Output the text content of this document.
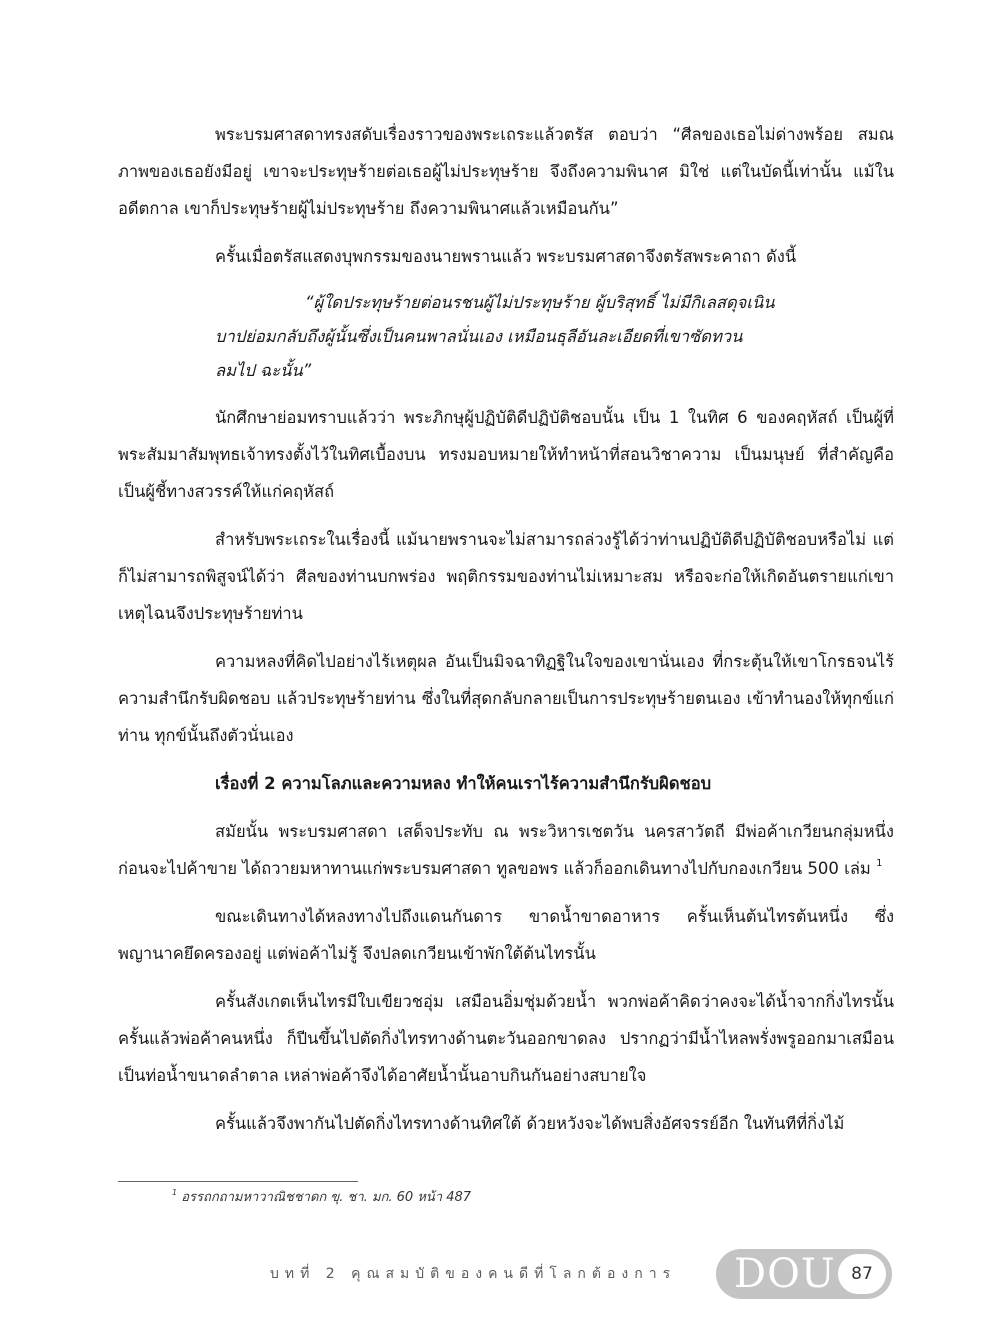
พระบรมศาสดาทรงสดับเรื่องราวของพระเถระแล้วตรัส ตอบว่า “ศีลของเธอไม่ด่างพร้อย สมณภาพของเธอยังมีอยู่ เขาจะประทุษร้ายต่อเธอผู้ไม่ประทุษร้าย จึงถึงความพินาศ มิใช่ แต่ในบัดนี้เท่านั้น แม้ในอดีตกาล เขาก็ประทุษร้ายผู้ไม่ประทุษร้าย ถึงความพินาศแล้วเหมือนกัน”

ครั้นเมื่อตรัสแสดงบุพกรรมของนายพรานแล้ว พระบรมศาสดาจึงตรัสพระคาถา ดังนี้

“ผู้ใดประทุษร้ายต่อนรชนผู้ไม่ประทุษร้าย ผู้บริสุทธิ์ ไม่มีกิเลสดุจเนิน
บาปย่อมกลับถึงผู้นั้นซึ่งเป็นคนพาลนั่นเอง เหมือนธุลีอันละเอียดที่เขาซัดทวน
ลมไป ฉะนั้น”

นักศึกษาย่อมทราบแล้วว่า พระภิกษุผู้ปฏิบัติดีปฏิบัติชอบนั้น เป็น 1 ในทิศ 6 ของคฤหัสถ์ เป็นผู้ที่พระสัมมาสัมพุทธเจ้าทรงตั้งไว้ในทิศเบื้องบน ทรงมอบหมายให้ทำหน้าที่สอนวิชาความ เป็นมนุษย์ ที่สำคัญคือเป็นผู้ชี้ทางสวรรค์ให้แก่คฤหัสถ์

สำหรับพระเถระในเรื่องนี้ แม้นายพรานจะไม่สามารถล่วงรู้ได้ว่าท่านปฏิบัติดีปฏิบัติชอบหรือไม่ แต่ก็ไม่สามารถพิสูจน์ได้ว่า ศีลของท่านบกพร่อง พฤติกรรมของท่านไม่เหมาะสม หรือจะก่อให้เกิดอันตรายแก่เขา เหตุไฉนจึงประทุษร้ายท่าน

ความหลงที่คิดไปอย่างไร้เหตุผล อันเป็นมิจฉาทิฏฐิในใจของเขานั่นเอง ที่กระตุ้นให้เขาโกรธจนไร้ความสำนึกรับผิดชอบ แล้วประทุษร้ายท่าน ซึ่งในที่สุดกลับกลายเป็นการประทุษร้ายตนเอง เข้าทำนองให้ทุกข์แก่ท่าน ทุกข์นั้นถึงตัวนั่นเอง

เรื่องที่ 2 ความโลภและความหลง ทำให้คนเราไร้ความสำนึกรับผิดชอบ

สมัยนั้น พระบรมศาสดา เสด็จประทับ ณ พระวิหารเชตวัน นครสาวัตถี มีพ่อค้าเกวียนกลุ่มหนึ่ง ก่อนจะไปค้าขาย ได้ถวายมหาทานแก่พระบรมศาสดา ทูลขอพร แล้วก็ออกเดินทางไปกับกองเกวียน 500 เล่ม $^1$

ขณะเดินทางได้หลงทางไปถึงแดนกันดาร ขาดน้ำขาดอาหาร ครั้นเห็นต้นไทรต้นหนึ่ง ซึ่งพญานาคยึดครองอยู่ แต่พ่อค้าไม่รู้ จึงปลดเกวียนเข้าพักใต้ต้นไทรนั้น

ครั้นสังเกตเห็นไทรมีใบเขียวชอุ่ม เสมือนอิ่มชุ่มด้วยน้ำ พวกพ่อค้าคิดว่าคงจะได้น้ำจากกิ่งไทรนั้น ครั้นแล้วพ่อค้าคนหนึ่ง ก็ปีนขึ้นไปตัดกิ่งไทรทางด้านตะวันออกขาดลง ปรากฏว่ามีน้ำไหลพรั่งพรูออกมาเสมือนเป็นท่อน้ำขนาดลำตาล เหล่าพ่อค้าจึงได้อาศัยน้ำนั้นอาบกินกันอย่างสบายใจ

ครั้นแล้วจึงพากันไปตัดกิ่งไทรทางด้านทิศใต้ ด้วยหวังจะได้พบสิ่งอัศจรรย์อีก ในทันทีที่กิ่งไม้

$^1$ อรรถกถามหาวาณิชชาดก ขุ. ชา. มก. 60 หน้า 487
บทที่ 2 คุณสมบัติของคนดีที่โลกต้องการ DOU 87
